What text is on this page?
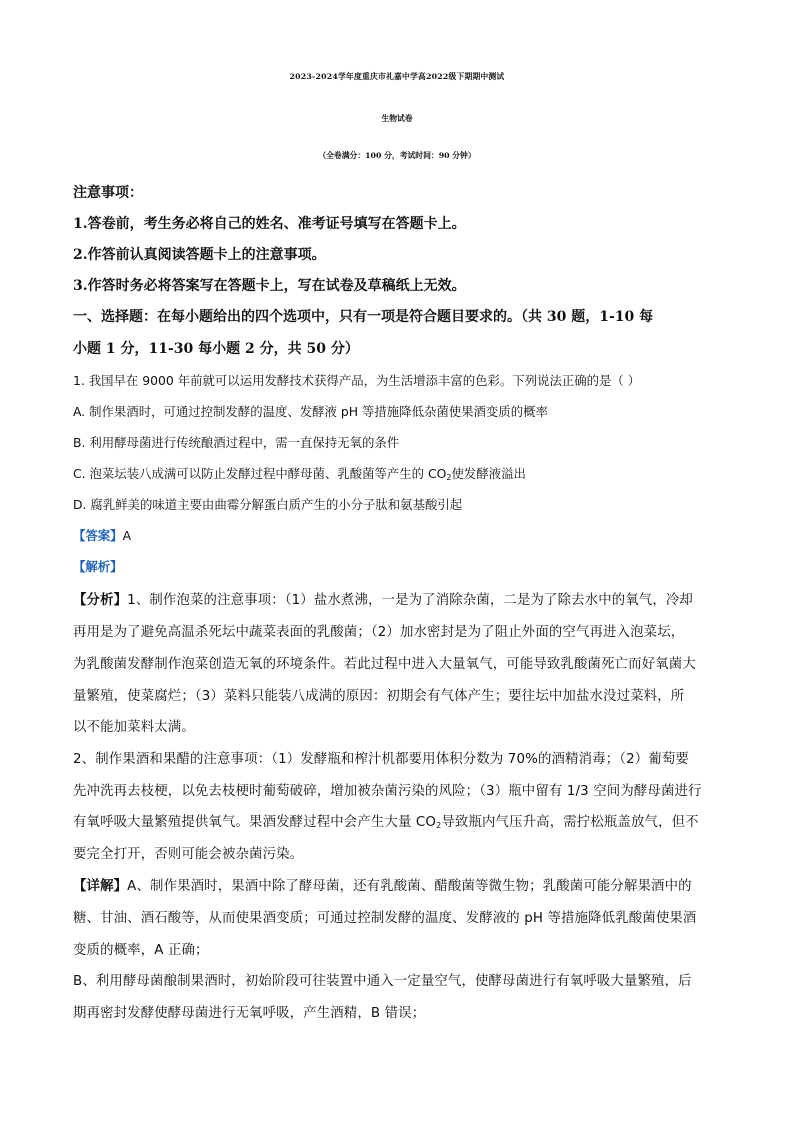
2023-2024学年度重庆市礼嘉中学高2022级下期期中测试
生物试卷
（全卷满分：100 分，考试时间：90 分钟）
注意事项：
1.答卷前，考生务必将自己的姓名、准考证号填写在答题卡上。
2.作答前认真阅读答题卡上的注意事项。
3.作答时务必将答案写在答题卡上，写在试卷及草稿纸上无效。
一、选择题：在每小题给出的四个选项中，只有一项是符合题目要求的。（共 30 题，1-10 每
小题 1 分，11-30 每小题 2 分，共 50 分）
1. 我国早在 9000 年前就可以运用发酵技术获得产品，为生活增添丰富的色彩。下列说法正确的是（ ）
A. 制作果酒时，可通过控制发酵的温度、发酵液 pH 等措施降低杂菌使果酒变质的概率
B. 利用酵母菌进行传统酿酒过程中，需一直保持无氧的条件
C. 泡菜坛装八成满可以防止发酵过程中酵母菌、乳酸菌等产生的 $CO_2$使发酵液溢出
D. 腐乳鲜美的味道主要由曲霉分解蛋白质产生的小分子肽和氨基酸引起
【答案】A
【解析】
【分析】1、制作泡菜的注意事项：（1）盐水煮沸，一是为了消除杂菌，二是为了除去水中的氧气，冷却
再用是为了避免高温杀死坛中蔬菜表面的乳酸菌；（2）加水密封是为了阻止外面的空气再进入泡菜坛，
为乳酸菌发酵制作泡菜创造无氧的环境条件。若此过程中进入大量氧气，可能导致乳酸菌死亡而好氧菌大
量繁殖，使菜腐烂；（3）菜料只能装八成满的原因：初期会有气体产生；要往坛中加盐水没过菜料，所
以不能加菜料太满。
2、制作果酒和果醋的注意事项：（1）发酵瓶和榨汁机都要用体积分数为 70%的酒精消毒；（2）葡萄要
先冲洗再去枝梗，以免去枝梗时葡萄破碎，增加被杂菌污染的风险；（3）瓶中留有 1/3 空间为酵母菌进行
有氧呼吸大量繁殖提供氧气。果酒发酵过程中会产生大量 $CO_2$导致瓶内气压升高，需拧松瓶盖放气，但不
要完全打开，否则可能会被杂菌污染。
【详解】A、制作果酒时，果酒中除了酵母菌，还有乳酸菌、醋酸菌等微生物；乳酸菌可能分解果酒中的
糖、甘油、酒石酸等，从而使果酒变质；可通过控制发酵的温度、发酵液的 pH 等措施降低乳酸菌使果酒
变质的概率，A 正确；
B、利用酵母菌酿制果酒时，初始阶段可往装置中通入一定量空气，使酵母菌进行有氧呼吸大量繁殖，后
期再密封发酵使酵母菌进行无氧呼吸，产生酒精，B 错误；
